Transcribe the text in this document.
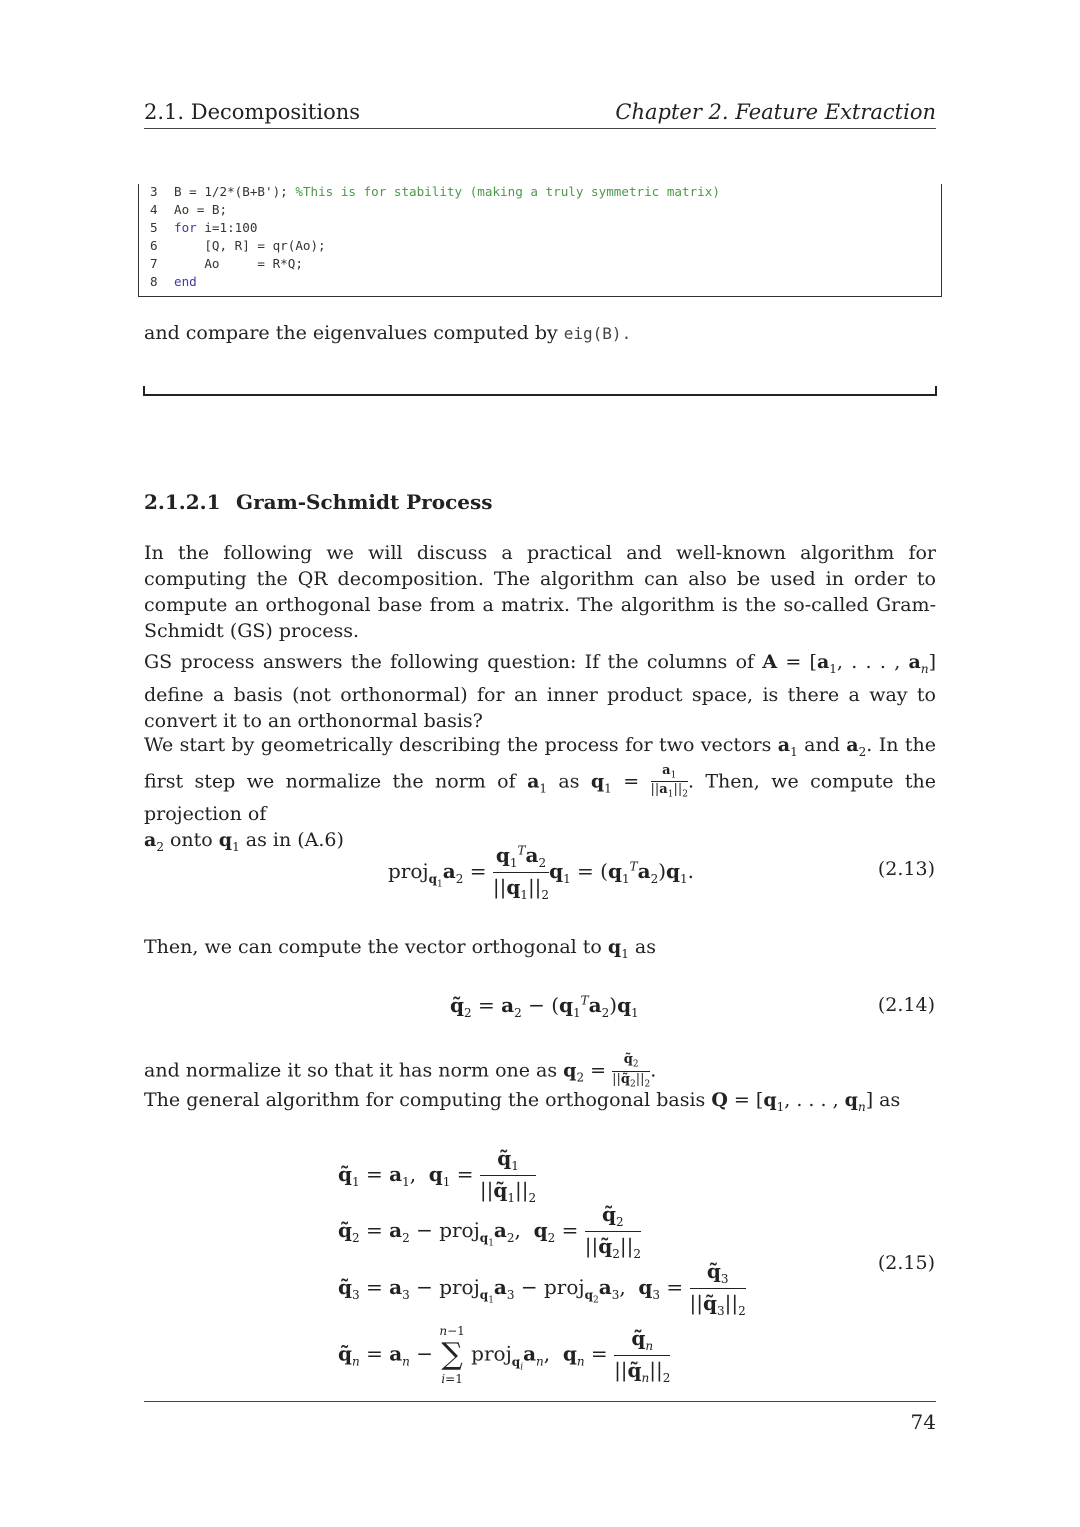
2.1. Decompositions	Chapter 2. Feature Extraction
3 B = 1/2*(B+B'); %This is for stability (making a truly symmetric matrix)
4 Ao = B;
5 for i=1:100
6    [Q, R] = qr(Ao);
7    Ao     = R*Q;
8 end
and compare the eigenvalues computed by eig(B).
2.1.2.1 Gram-Schmidt Process
In the following we will discuss a practical and well-known algorithm for computing the QR decomposition. The algorithm can also be used in order to compute an orthogonal base from a matrix. The algorithm is the so-called Gram-Schmidt (GS) process.
GS process answers the following question: If the columns of $A = [a_1$, . . . , $a_n$] define a basis (not orthonormal) for an inner product space, is there a way to convert it to an orthonormal basis?
We start by geometrically describing the process for two vectors $a_1$ and $a_2$. In the first step we normalize the norm of $a_1$ as $q_1 = \frac{a_1}{||a_1||_2}$ . Then, we compute the projection of
$a_2$ onto $q_1$ as in (A.6)
$proj_{q_1}a_2 = \frac{q_1^Ta_2}{||q_1||_2} q_1 = (q_1^Ta_2)q_1$.	(2.13)
Then, we can compute the vector orthogonal to $q_1$ as
$q̃_2 = a_2 - (q_1^Ta_2)q_1$	(2.14)
and normalize it so that it has norm one as $q_2 = \frac{q̃_2}{||q̃_2||_2}$ .
The general algorithm for computing the orthogonal basis $Q = [q_1$, . . . , $q_n$] as
$q̃_1 = a_1$,  $q_1 = \frac{q̃_1}{||q̃_1||_2}$
$q̃_2 = a_2$ − $proj_{q_1}a_2$,  $q_2 = \frac{q̃_2}{||q̃_2||_2}$
$q̃_3 = a_3$ − $proj_{q_1}a_3$ − $proj_{q_2}a_3$,  $q_3 = \frac{q̃_3}{||q̃_3||_2}$
$q̃_n = a_n$ −
n−1
∑
i=1
$proj_{q_i}a_n$,  $q_n = \frac{q̃_n}{||q̃_n||_2}$
(2.15)
74
